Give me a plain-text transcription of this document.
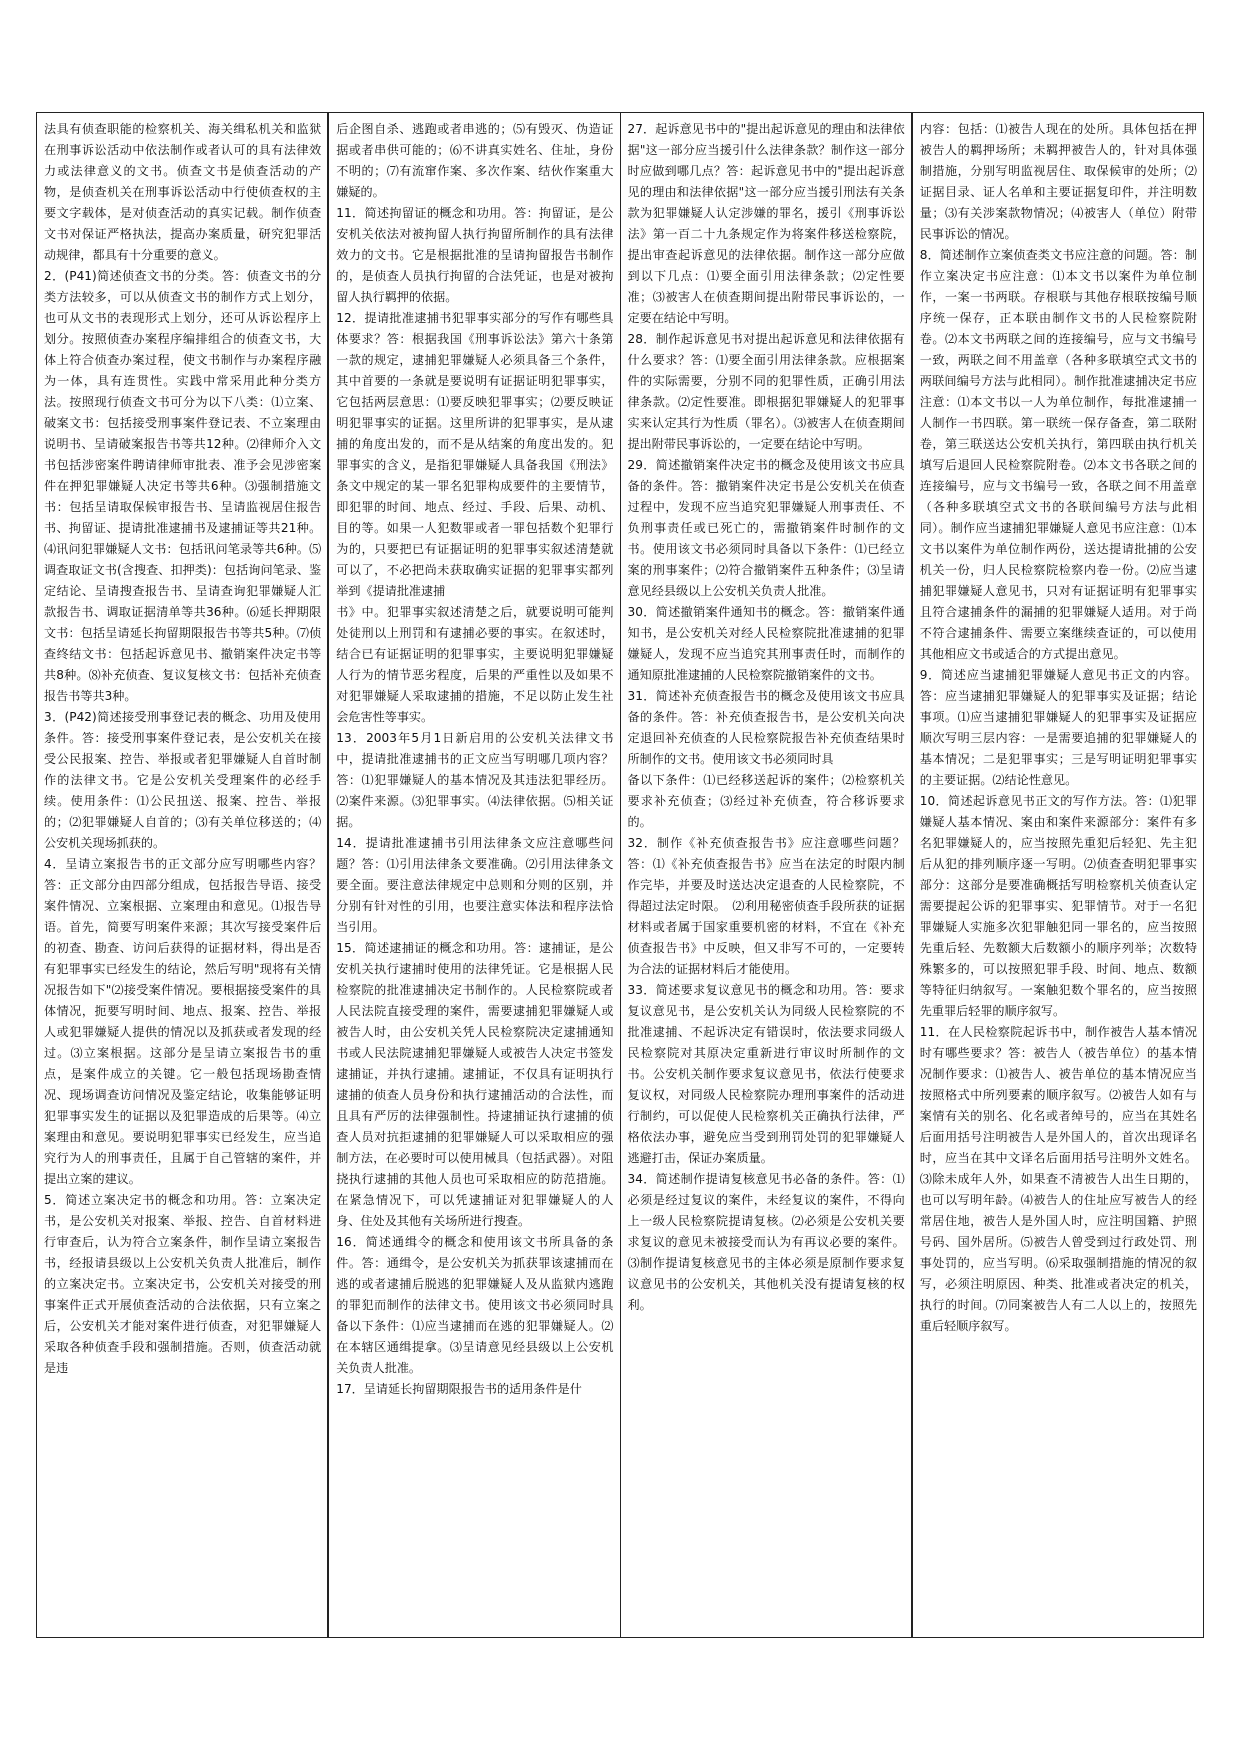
法具有侦查职能的检察机关、海关缉私机关和监狱在刑事诉讼活动中依法制作或者认可的具有法律效力或法律意义的文书。侦查文书是侦查活动的产物，是侦查机关在刑事诉讼活动中行使侦查权的主要文字载体，是对侦查活动的真实记载。制作侦查文书对保证严格执法，提高办案质量，研究犯罪活动规律，都具有十分重要的意义。

2．(P41)简述侦查文书的分类。答：侦查文书的分类方法较多，可以从侦查文书的制作方式上划分，也可从文书的表现形式上划分，还可从诉讼程序上划分。按照侦查办案程序编排组合的侦查文书，大体上符合侦查办案过程，使文书制作与办案程序融为一体，具有连贯性。实践中常采用此种分类方法。按照现行侦查文书可分为以下八类：⑴立案、破案文书：包括接受刑事案件登记表、不立案理由说明书、呈请破案报告书等共12种。⑵律师介入文书包括涉密案件聘请律师审批表、准予会见涉密案件在押犯罪嫌疑人决定书等共6种。⑶强制措施文书：包括呈请取保候审报告书、呈请监视居住报告书、拘留证、提请批准逮捕书及逮捕证等共21种。⑷讯问犯罪嫌疑人文书：包括讯问笔录等共6种。⑸调查取证文书(含搜查、扣押类)：包括询问笔录、鉴定结论、呈请搜查报告书、呈请查询犯罪嫌疑人汇款报告书、调取证据清单等共36种。⑹延长押期限文书：包括呈请延长拘留期限报告书等共5种。⑺侦查终结文书：包括起诉意见书、撤销案件决定书等共8种。⑻补充侦查、复议复核文书：包括补充侦查报告书等共3种。

3．(P42)简述接受刑事登记表的概念、功用及使用条件。答：接受刑事案件登记表，是公安机关在接受公民报案、控告、举报或者犯罪嫌疑人自首时制作的法律文书。它是公安机关受理案件的必经手续。使用条件：⑴公民扭送、报案、控告、举报的；⑵犯罪嫌疑人自首的；⑶有关单位移送的；⑷公安机关现场抓获的。

4．呈请立案报告书的正文部分应写明哪些内容？答：正文部分由四部分组成，包括报告导语、接受案件情况、立案根据、立案理由和意见。⑴报告导语。首先，简要写明案件来源；其次写接受案件后的初查、勘查、访问后获得的证据材料，得出是否有犯罪事实已经发生的结论，然后写明"现将有关情况报告如下"⑵接受案件情况。要根据接受案件的具体情况，扼要写明时间、地点、报案、控告、举报人或犯罪嫌疑人提供的情况以及抓获或者发现的经过。⑶立案根据。这部分是呈请立案报告书的重点，是案件成立的关键。它一般包括现场勘查情况、现场调查访问情况及鉴定结论，收集能够证明犯罪事实发生的证据以及犯罪造成的后果等。⑷立案理由和意见。要说明犯罪事实已经发生，应当追究行为人的刑事责任，且属于自己管辖的案件，并提出立案的建议。

5．简述立案决定书的概念和功用。答：立案决定书，是公安机关对报案、举报、控告、自首材料进行审查后，认为符合立案条件，制作呈请立案报告书，经报请县级以上公安机关负责人批准后，制作的立案决定书。立案决定书，公安机关对接受的刑事案件正式开展侦查活动的合法依据，只有立案之后，公安机关才能对案件进行侦查，对犯罪嫌疑人采取各种侦查手段和强制措施。否则，侦查活动就是违

后企图自杀、逃跑或者串逃的；⑸有毁灭、伪造证据或者串供可能的；⑹不讲真实姓名、住址，身份不明的；⑺有流窜作案、多次作案、结伙作案重大嫌疑的。

11．简述拘留证的概念和功用。答：拘留证，是公安机关依法对被拘留人执行拘留所制作的具有法律效力的文书。它是根据批准的呈请拘留报告书制作的，是侦查人员执行拘留的合法凭证，也是对被拘留人执行羁押的依据。

12．提请批准逮捕书犯罪事实部分的写作有哪些具体要求？答：根据我国《刑事诉讼法》第六十条第一款的规定，逮捕犯罪嫌疑人必须具备三个条件，其中首要的一条就是要说明有证据证明犯罪事实，它包括两层意思：⑴要反映犯罪事实；⑵要反映证明犯罪事实的证据。这里所讲的犯罪事实，是从逮捕的角度出发的，而不是从结案的角度出发的。犯罪事实的含义，是指犯罪嫌疑人具备我国《刑法》条文中规定的某一罪名犯罪构成要件的主要情节，即犯罪的时间、地点、经过、手段、后果、动机、目的等。如果一人犯数罪或者一罪包括数个犯罪行为的，只要把已有证据证明的犯罪事实叙述清楚就可以了，不必把尚未获取确实证据的犯罪事实都列举到《提请批准逮捕

书》中。犯罪事实叙述清楚之后，就要说明可能判处徒刑以上刑罚和有逮捕必要的事实。在叙述时，结合已有证据证明的犯罪事实，主要说明犯罪嫌疑人行为的情节恶劣程度，后果的严重性以及如果不对犯罪嫌疑人采取逮捕的措施，不足以防止发生社会危害性等事实。

13．2003年5月1日新启用的公安机关法律文书中，提请批准逮捕书的正文应当写明哪几项内容？答：⑴犯罪嫌疑人的基本情况及其违法犯罪经历。⑵案件来源。⑶犯罪事实。⑷法律依据。⑸相关证据。

14．提请批准逮捕书引用法律条文应注意哪些问题？答：⑴引用法律条文要准确。⑵引用法律条文要全面。要注意法律规定中总则和分则的区别，并分别有针对性的引用，也要注意实体法和程序法恰当引用。

15．简述逮捕证的概念和功用。答：逮捕证，是公安机关执行逮捕时使用的法律凭证。它是根据人民检察院的批准逮捕决定书制作的。人民检察院或者人民法院直接受理的案件，需要逮捕犯罪嫌疑人或被告人时，由公安机关凭人民检察院决定逮捕通知书或人民法院逮捕犯罪嫌疑人或被告人决定书签发逮捕证，并执行逮捕。逮捕证，不仅具有证明执行逮捕的侦查人员身份和执行逮捕活动的合法性，而且具有严厉的法律强制性。持逮捕证执行逮捕的侦查人员对抗拒逮捕的犯罪嫌疑人可以采取相应的强制方法，在必要时可以使用械具（包括武器）。对阻挠执行逮捕的其他人员也可采取相应的防范措施。在紧急情况下，可以凭逮捕证对犯罪嫌疑人的人身、住处及其他有关场所进行搜查。

16．简述通缉令的概念和使用该文书所具备的条件。答：通缉令，是公安机关为抓获罪该逮捕而在逃的或者逮捕后脱逃的犯罪嫌疑人及从监狱内逃跑的罪犯而制作的法律文书。使用该文书必须同时具备以下条件：⑴应当逮捕而在逃的犯罪嫌疑人。⑵在本辖区通缉提拿。⑶呈请意见经县级以上公安机关负责人批准。

17．呈请延长拘留期限报告书的适用条件是什

27．起诉意见书中的"提出起诉意见的理由和法律依据"这一部分应当援引什么法律条款？制作这一部分时应做到哪几点？答：起诉意见书中的"提出起诉意见的理由和法律依据"这一部分应当援引刑法有关条款为犯罪嫌疑人认定涉嫌的罪名，援引《刑事诉讼法》第一百二十九条规定作为将案件移送检察院，提出审查起诉意见的法律依据。制作这一部分应做到以下几点：⑴要全面引用法律条款；⑵定性要准；⑶被害人在侦查期间提出附带民事诉讼的，一定要在结论中写明。

28．制作起诉意见书对提出起诉意见和法律依据有什么要求？答：⑴要全面引用法律条款。应根据案件的实际需要，分别不同的犯罪性质，正确引用法律条款。⑵定性要准。即根据犯罪嫌疑人的犯罪事实来认定其行为性质（罪名）。⑶被害人在侦查期间提出附带民事诉讼的，一定要在结论中写明。

29．简述撤销案件决定书的概念及使用该文书应具备的条件。答：撤销案件决定书是公安机关在侦查过程中，发现不应当追究犯罪嫌疑人刑事责任、不负刑事责任或已死亡的，需撤销案件时制作的文书。使用该文书必须同时具备以下条件：⑴已经立案的刑事案件；⑵符合撤销案件五种条件；⑶呈请意见经县级以上公安机关负责人批准。

30．简述撤销案件通知书的概念。答：撤销案件通知书，是公安机关对经人民检察院批准逮捕的犯罪嫌疑人，发现不应当追究其刑事责任时，而制作的通知原批准逮捕的人民检察院撤销案件的文书。

31．简述补充侦查报告书的概念及使用该文书应具备的条件。答：补充侦查报告书，是公安机关向决定退回补充侦查的人民检察院报告补充侦查结果时所制作的文书。使用该文书必须同时具

备以下条件：⑴已经移送起诉的案件；⑵检察机关要求补充侦查；⑶经过补充侦查，符合移诉要求的。

32．制作《补充侦查报告书》应注意哪些问题？答：⑴《补充侦查报告书》应当在法定的时限内制作完毕，并要及时送达决定退查的人民检察院，不得超过法定时限。　⑵利用秘密侦查手段所获的证据材料或者属于国家重要机密的材料，不宜在《补充侦查报告书》中反映，但又非写不可的，一定要转为合法的证据材料后才能使用。

33．简述要求复议意见书的概念和功用。答：要求复议意见书，是公安机关认为同级人民检察院的不批准逮捕、不起诉决定有错误时，依法要求同级人民检察院对其原决定重新进行审议时所制作的文书。公安机关制作要求复议意见书，依法行使要求复议权，对同级人民检察院办理刑事案件的活动进行制约，可以促使人民检察机关正确执行法律，严格依法办事，避免应当受到刑罚处罚的犯罪嫌疑人逃避打击，保证办案质量。

34．简述制作提请复核意见书必备的条件。答：⑴必须是经过复议的案件，未经复议的案件，不得向上一级人民检察院提请复核。⑵必须是公安机关要求复议的意见未被接受而认为有再议必要的案件。⑶制作提请复核意见书的主体必须是原制作要求复议意见书的公安机关，其他机关没有提请复核的权利。

内容：包括：⑴被告人现在的处所。具体包括在押被告人的羁押场所；未羁押被告人的，针对具体强制措施，分别写明监视居住、取保候审的处所；⑵证据目录、证人名单和主要证据复印件，并注明数量；⑶有关涉案款物情况；⑷被害人（单位）附带民事诉讼的情况。

8．简述制作立案侦查类文书应注意的问题。答：制作立案决定书应注意：⑴本文书以案件为单位制作，一案一书两联。存根联与其他存根联按编号顺序统一保存，正本联由制作文书的人民检察院附卷。⑵本文书两联之间的连接编号，应与文书编号一致，两联之间不用盖章（各种多联填空式文书的两联间编号方法与此相同）。制作批准逮捕决定书应注意：⑴本文书以一人为单位制作，每批准逮捕一人制作一书四联。第一联统一保存备查，第二联附卷，第三联送达公安机关执行，第四联由执行机关填写后退回人民检察院附卷。⑵本文书各联之间的连接编号，应与文书编号一致，各联之间不用盖章（各种多联填空式文书的各联间编号方法与此相同）。制作应当逮捕犯罪嫌疑人意见书应注意：⑴本文书以案件为单位制作两份，送达提请批捕的公安机关一份，归人民检察院检察内卷一份。⑵应当逮捕犯罪嫌疑人意见书，只对有证据证明有犯罪事实且符合逮捕条件的漏捕的犯罪嫌疑人适用。对于尚不符合逮捕条件、需要立案继续查证的，可以使用其他相应文书或适合的方式提出意见。

9．简述应当逮捕犯罪嫌疑人意见书正文的内容。答：应当逮捕犯罪嫌疑人的犯罪事实及证据；结论事项。⑴应当逮捕犯罪嫌疑人的犯罪事实及证据应顺次写明三层内容：一是需要追捕的犯罪嫌疑人的基本情况；二是犯罪事实；三是写明证明犯罪事实的主要证据。⑵结论性意见。

10．简述起诉意见书正文的写作方法。答：⑴犯罪嫌疑人基本情况、案由和案件来源部分：案件有多名犯罪嫌疑人的，应当按照先重犯后轻犯、先主犯后从犯的排列顺序逐一写明。⑵侦查查明犯罪事实部分：这部分是要准确概括写明检察机关侦查认定需要提起公诉的犯罪事实、犯罪情节。对于一名犯罪嫌疑人实施多次犯罪触犯同一罪名的，应当按照先重后轻、先数额大后数额小的顺序列举；次数特殊繁多的，可以按照犯罪手段、时间、地点、数额等特征归纳叙写。一案触犯数个罪名的，应当按照先重罪后轻罪的顺序叙写。

11．在人民检察院起诉书中，制作被告人基本情况时有哪些要求？答：被告人（被告单位）的基本情况制作要求：⑴被告人、被告单位的基本情况应当按照格式中所列要素的顺序叙写。⑵被告人如有与案情有关的别名、化名或者绰号的，应当在其姓名后面用括号注明被告人是外国人的，首次出现译名时，应当在其中文译名后面用括号注明外文姓名。⑶除未成年人外，如果查不清被告人出生日期的，也可以写明年龄。⑷被告人的住址应写被告人的经常居住地，被告人是外国人时，应注明国籍、护照号码、国外居所。⑸被告人曾受到过行政处罚、刑事处罚的，应当写明。⑹采取强制措施的情况的叙写，必须注明原因、种类、批准或者决定的机关，执行的时间。⑺同案被告人有二人以上的，按照先重后轻顺序叙写。
